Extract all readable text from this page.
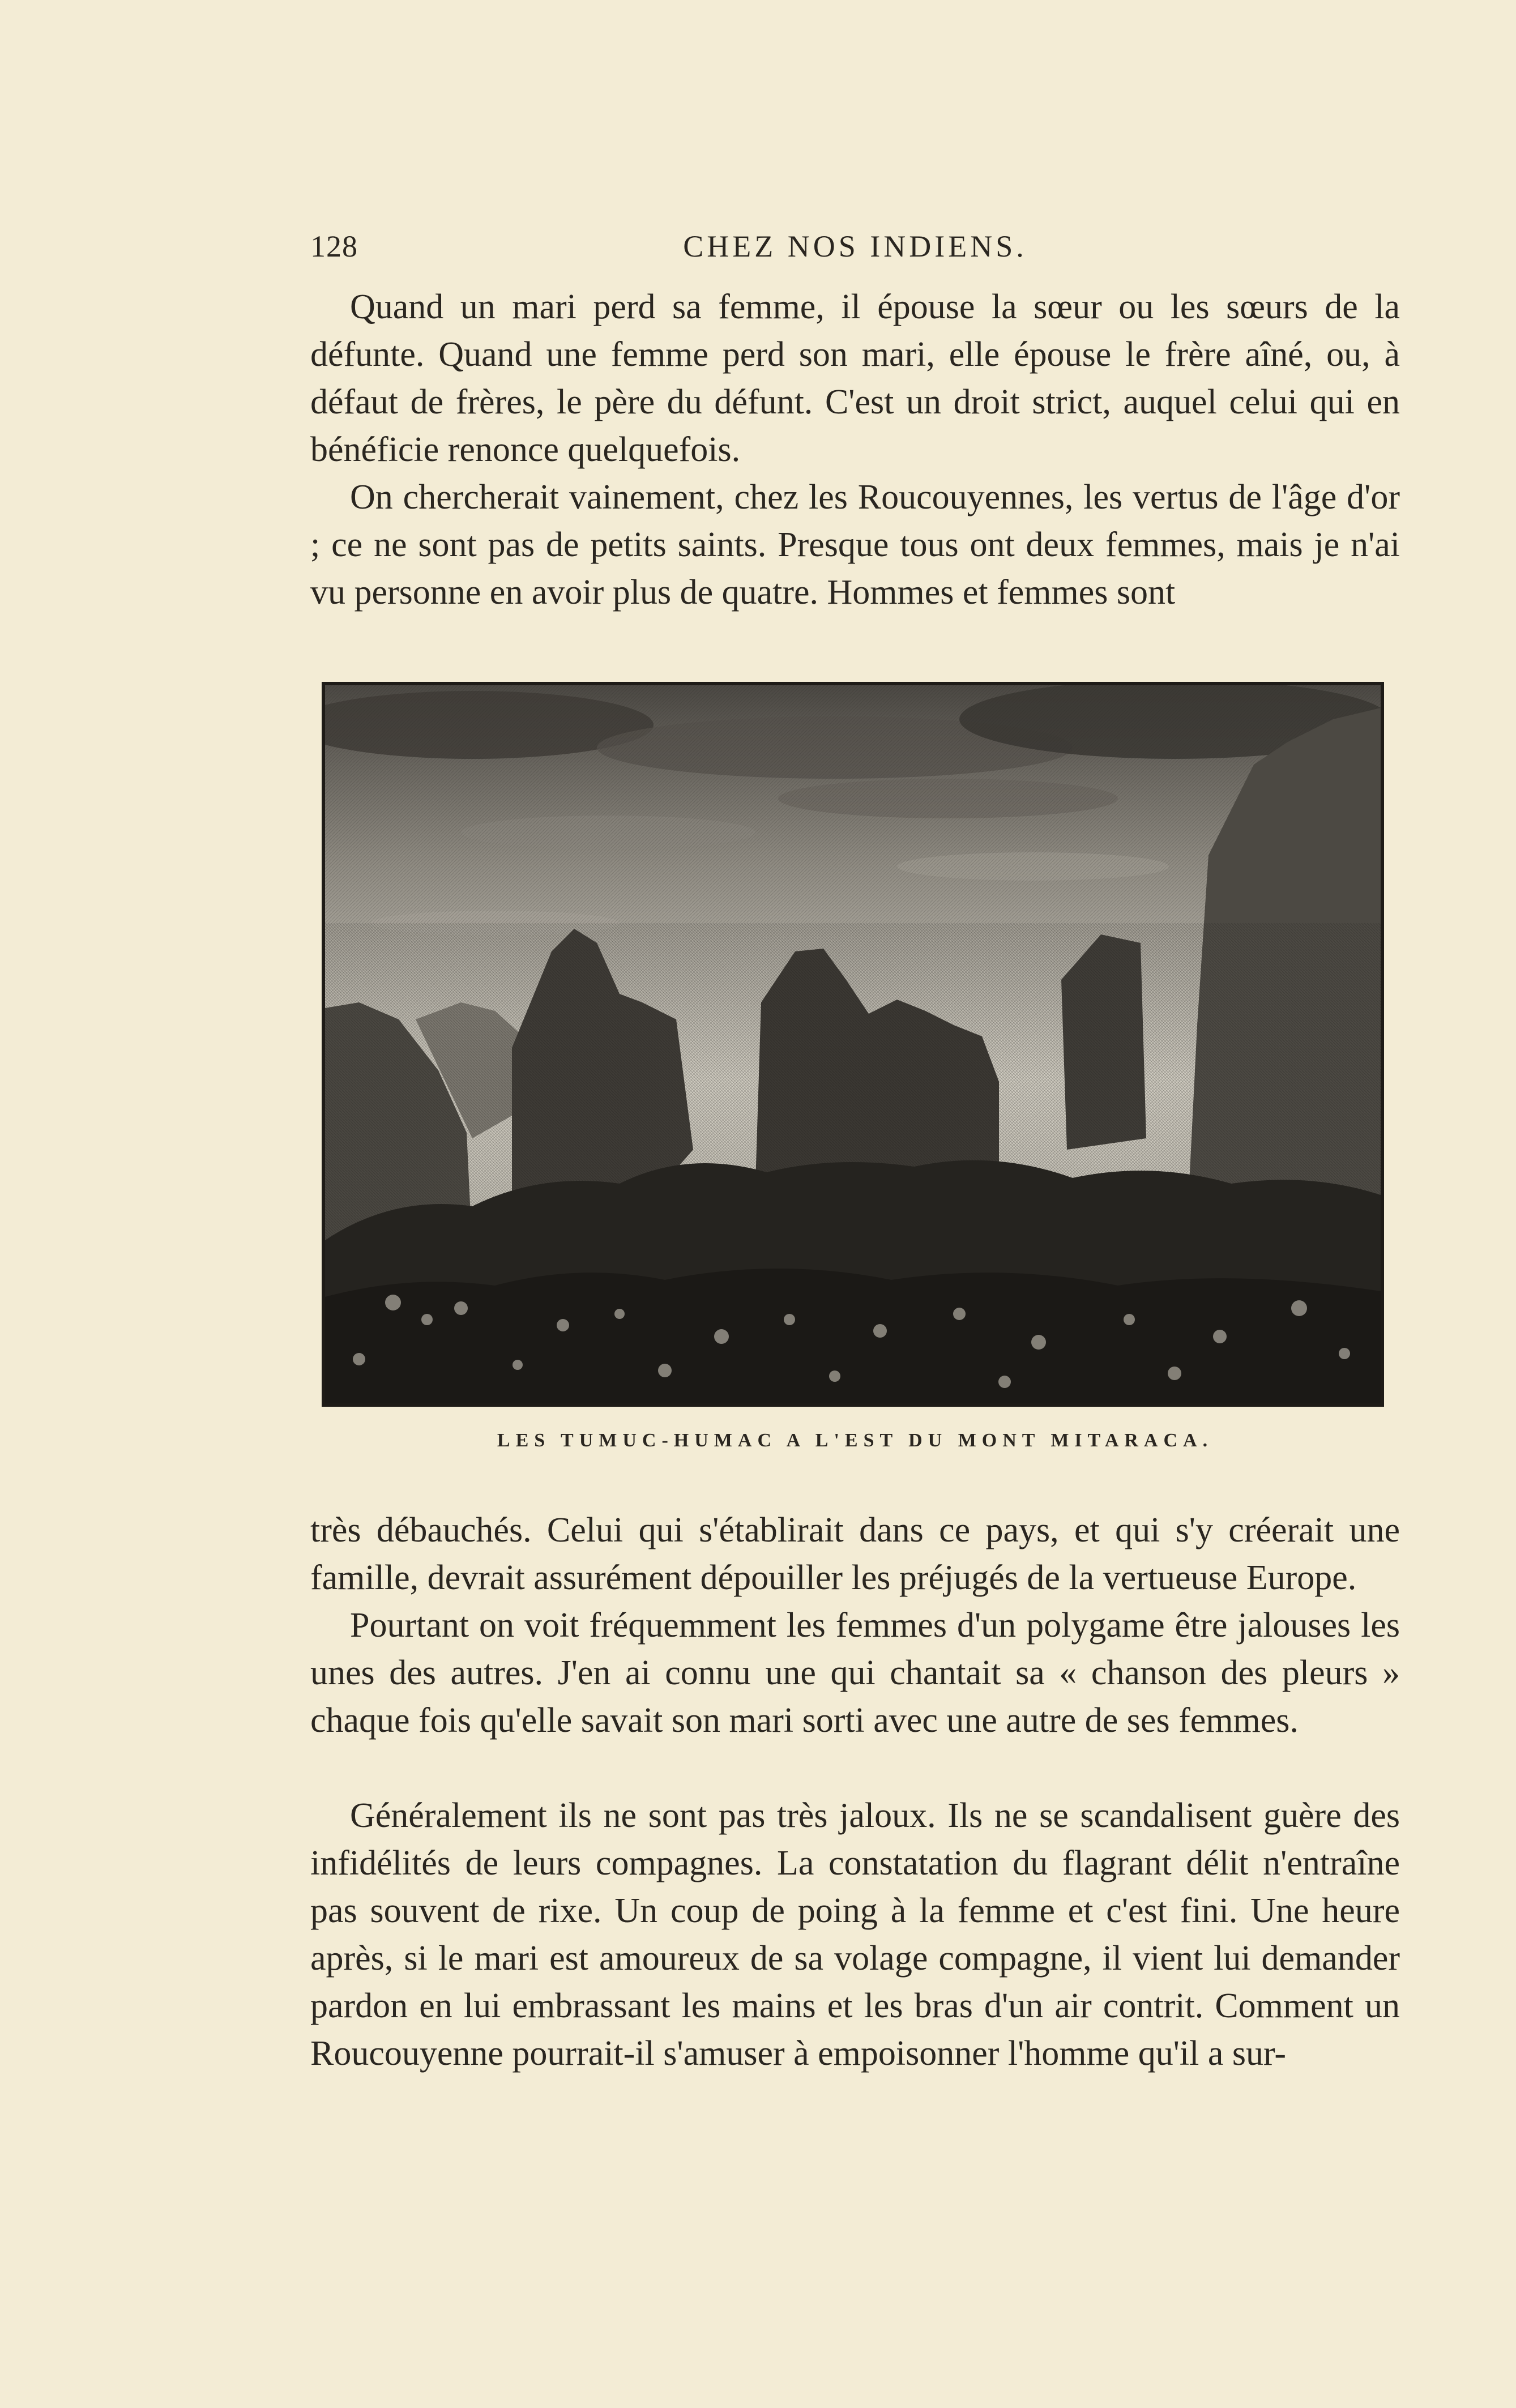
128	CHEZ NOS INDIENS.

Quand un mari perd sa femme, il épouse la sœur ou les sœurs de la défunte. Quand une femme perd son mari, elle épouse le frère aîné, ou, à défaut de frères, le père du défunt. C'est un droit strict, auquel celui qui en bénéficie renonce quelquefois.

On chercherait vainement, chez les Roucouyennes, les vertus de l'âge d'or ; ce ne sont pas de petits saints. Presque tous ont deux femmes, mais je n'ai vu personne en avoir plus de quatre. Hommes et femmes sont

LES TUMUC-HUMAC A L'EST DU MONT MITARACA.

très débauchés. Celui qui s'établirait dans ce pays, et qui s'y créerait une famille, devrait assurément dépouiller les préjugés de la vertueuse Europe.

Pourtant on voit fréquemment les femmes d'un polygame être jalouses les unes des autres. J'en ai connu une qui chantait sa « chanson des pleurs » chaque fois qu'elle savait son mari sorti avec une autre de ses femmes.

Généralement ils ne sont pas très jaloux. Ils ne se scandalisent guère des infidélités de leurs compagnes. La constatation du flagrant délit n'entraîne pas souvent de rixe. Un coup de poing à la femme et c'est fini. Une heure après, si le mari est amoureux de sa volage compagne, il vient lui demander pardon en lui embrassant les mains et les bras d'un air contrit. Comment un Roucouyenne pourrait-il s'amuser à empoisonner l'homme qu'il a sur-
